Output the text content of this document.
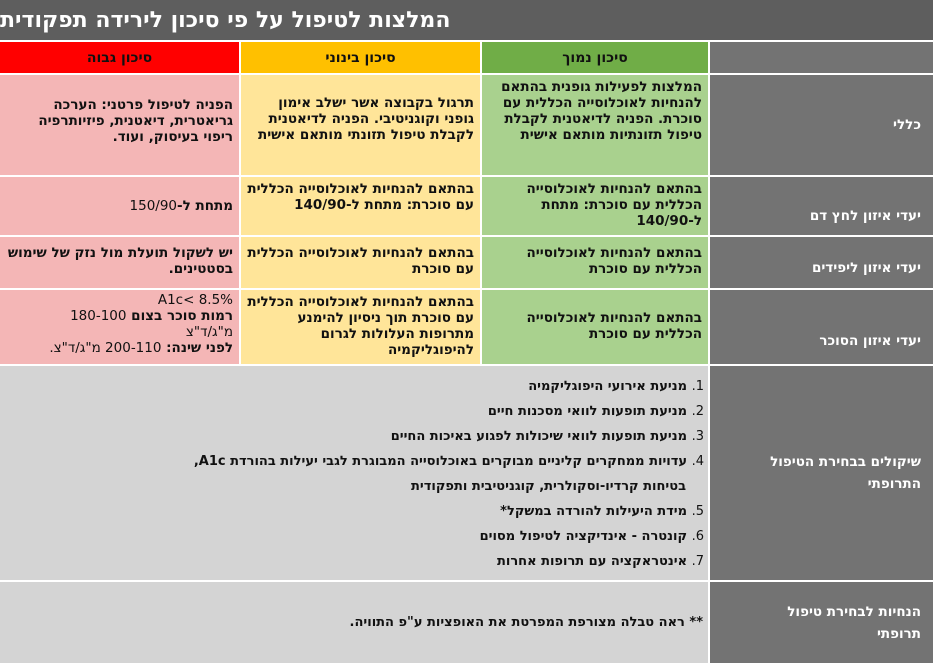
המלצות לטיפול על פי סיכון לירידה תפקודית
סיכון נמוך
סיכון בינוני
סיכון גבוה
כללי
המלצות לפעילות גופנית בהתאם להנחיות לאוכלוסייה הכללית עם סוכרת. הפניה לדיאטנית לקבלת טיפול תזונתיות מותאם אישית
תרגול בקבוצה אשר ישלב אימון גופני וקוגניטיבי. הפניה לדיאטנית לקבלת טיפול תזונתי מותאם אישית
הפניה לטיפול פרטני: הערכה גריאטרית, דיאטנית, פיזיותרפיה ריפוי בעיסוק, ועוד.
יעדי איזון לחץ דם
בהתאם להנחיות לאוכלוסייה הכללית עם סוכרת: מתחת ל-140/90
בהתאם להנחיות לאוכלוסייה הכללית עם סוכרת: מתחת ל-140/90
מתחת ל-150/90
יעדי איזון ליפידים
בהתאם להנחיות לאוכלוסייה הכללית עם סוכרת
בהתאם להנחיות לאוכלוסייה הכללית עם סוכרת
יש לשקול תועלת מול נזק של שימוש בסטטינים.
יעדי איזון הסוכר
בהתאם להנחיות לאוכלוסייה הכללית עם סוכרת
בהתאם להנחיות לאוכלוסייה הכללית עם סוכרת תוך ניסיון להימנע מתרופות העלולות לגרום להיפוגליקמיה
A1c< 8.5%
רמות סוכר בצום 180-100
מ"ג/ד"צ
לפני שינה: 200-110 מ"ג/ד"צ.
שיקולים בבחירת הטיפול התרופתי
1. מניעת אירועי היפוגליקמיה
2. מניעת תופעות לוואי מסכנות חיים
3. מניעת תופעות לוואי שיכולות לפגוע באיכות החיים
4. עדויות ממחקרים קליניים מבוקרים באוכלוסייה המבוגרת לגבי יעילות בהורדת A1c,
בטיחות קרדיו-וסקולרית, קוגניטיבית ותפקודית
5. מידת היעילות להורדה במשקל*
6. קונטרה - אינדיקציה לטיפול מסוים
7. אינטראקציה עם תרופות אחרות
הנחיות לבחירת טיפול תרופתי
** ראה טבלה מצורפת המפרטת את האופציות ע"פ התוויה.
